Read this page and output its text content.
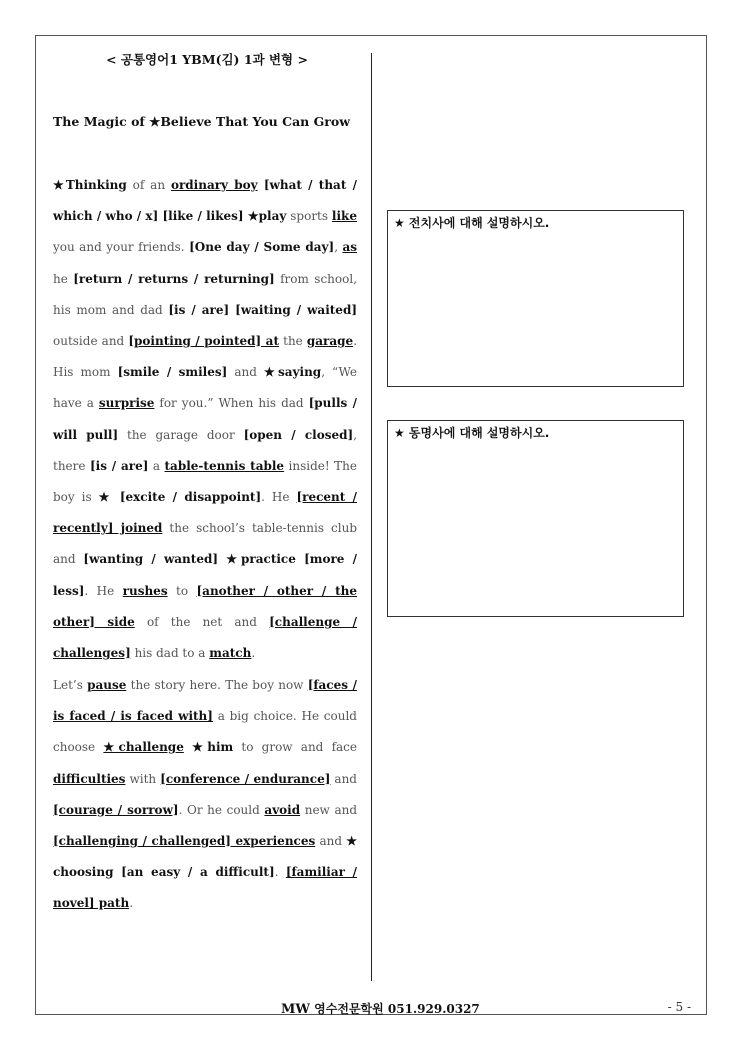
< 공통영어1 YBM(김) 1과 변형 >
The Magic of ★Believe That You Can Grow
★Thinking of an ordinary boy [what / that / which / who / x] [like / likes] ★play sports like you and your friends. [One day / Some day], as he [return / returns / returning] from school, his mom and dad [is / are] [waiting / waited] outside and [pointing / pointed] at the garage. His mom [smile / smiles] and ★saying, “We have a surprise for you.” When his dad [pulls / will pull] the garage door [open / closed], there [is / are] a table-tennis table inside! The boy is ★ [excite / disappoint]. He [recent / recently] joined the school’s table-tennis club and [wanting / wanted] ★practice [more / less]. He rushes to [another / other / the other] side of the net and [challenge / challenges] his dad to a match.
Let’s pause the story here. The boy now [faces / is faced / is faced with] a big choice. He could choose ★challenge ★him to grow and face difficulties with [conference / endurance] and [courage / sorrow]. Or he could avoid new and [challenging / challenged] experiences and ★ choosing [an easy / a difficult]. [familiar / novel] path.
★ 전치사에 대해 설명하시오.
★ 동명사에 대해 설명하시오.
MW 영수전문학원 051.929.0327	- 5 -
